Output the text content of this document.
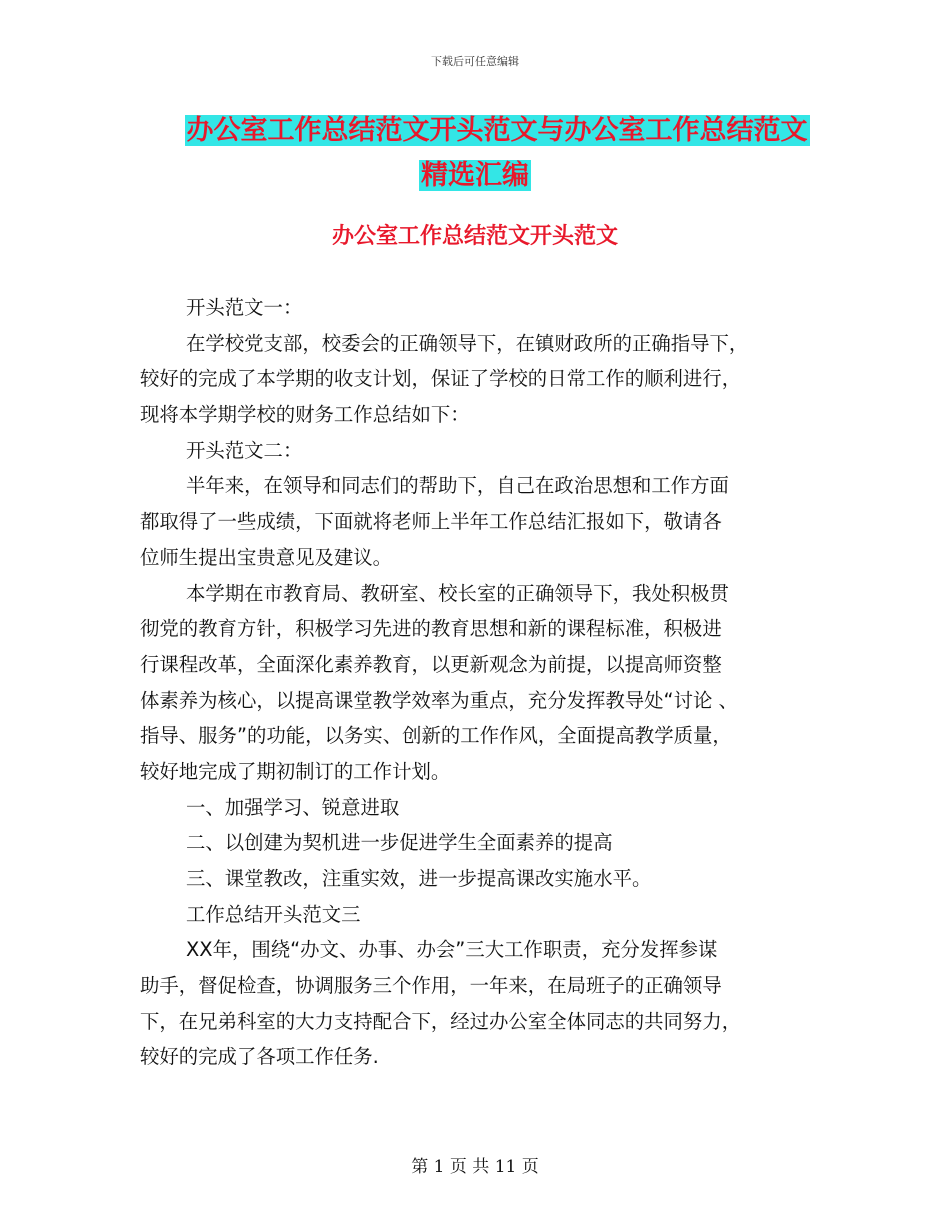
下载后可任意编辑
办公室工作总结范文开头范文与办公室工作总结范文
精选汇编
办公室工作总结范文开头范文
开头范文一：
在学校党支部，校委会的正确领导下，在镇财政所的正确指导下，
较好的完成了本学期的收支计划，保证了学校的日常工作的顺利进行，
现将本学期学校的财务工作总结如下：
开头范文二：
半年来，在领导和同志们的帮助下，自己在政治思想和工作方面
都取得了一些成绩，下面就将老师上半年工作总结汇报如下，敬请各
位师生提出宝贵意见及建议。
本学期在市教育局、教研室、校长室的正确领导下，我处积极贯
彻党的教育方针，积极学习先进的教育思想和新的课程标准，积极进
行课程改革，全面深化素养教育，以更新观念为前提，以提高师资整
体素养为核心，以提高课堂教学效率为重点，充分发挥教导处“讨论 、
指导、服务”的功能，以务实、创新的工作作风，全面提高教学质量，
较好地完成了期初制订的工作计划。
一、加强学习、锐意进取
二、以创建为契机进一步促进学生全面素养的提高
三、课堂教改，注重实效，进一步提高课改实施水平。
工作总结开头范文三
XX年，围绕“办文、办事、办会”三大工作职责，充分发挥参谋
助手，督促检查，协调服务三个作用，一年来，在局班子的正确领导
下，在兄弟科室的大力支持配合下，经过办公室全体同志的共同努力，
较好的完成了各项工作任务.
第 1 页 共 11 页
